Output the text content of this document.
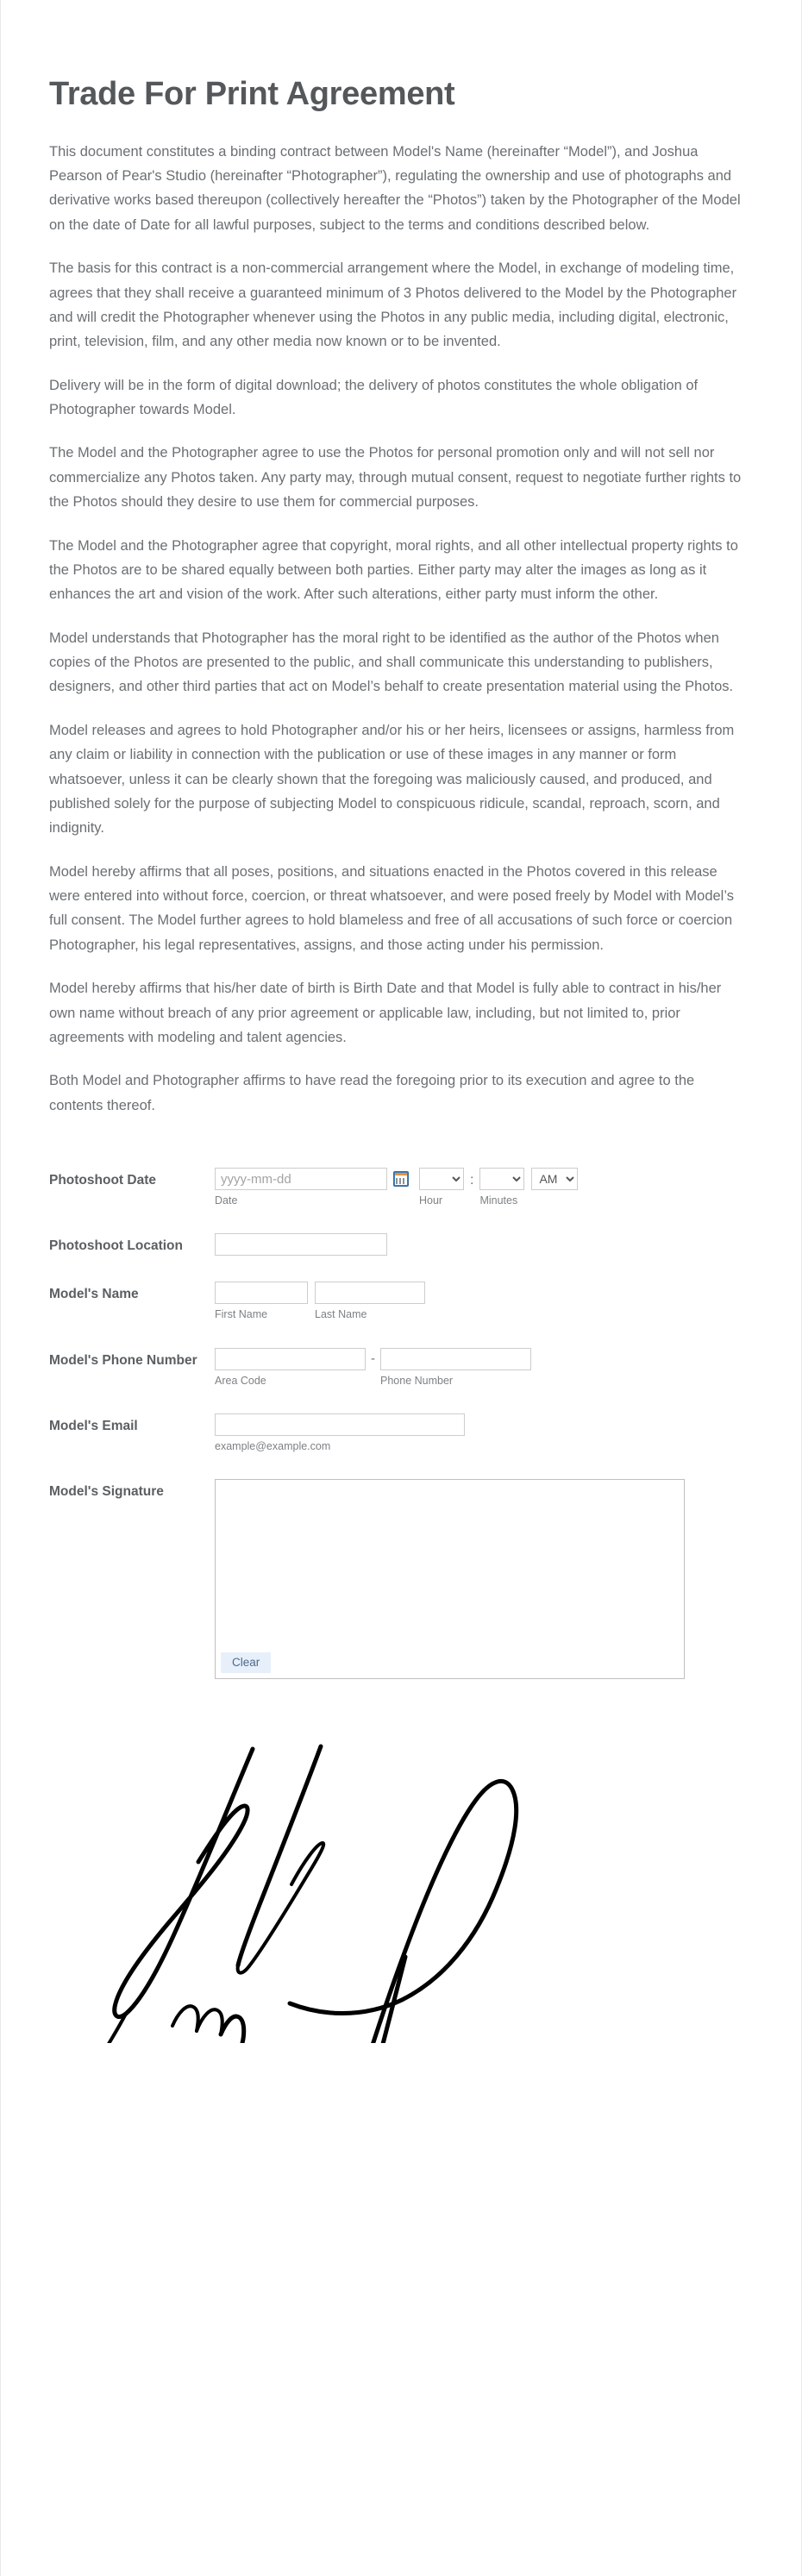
Trade For Print Agreement

This document constitutes a binding contract between Model's Name (hereinafter “Model”), and Joshua Pearson of Pear's Studio (hereinafter “Photographer”), regulating the ownership and use of photographs and derivative works based thereupon (collectively hereafter the “Photos”) taken by the Photographer of the Model on the date of Date for all lawful purposes, subject to the terms and conditions described below.

The basis for this contract is a non-commercial arrangement where the Model, in exchange of modeling time, agrees that they shall receive a guaranteed minimum of 3 Photos delivered to the Model by the Photographer and will credit the Photographer whenever using the Photos in any public media, including digital, electronic, print, television, film, and any other media now known or to be invented.

Delivery will be in the form of digital download; the delivery of photos constitutes the whole obligation of Photographer towards Model.

The Model and the Photographer agree to use the Photos for personal promotion only and will not sell nor commercialize any Photos taken. Any party may, through mutual consent, request to negotiate further rights to the Photos should they desire to use them for commercial purposes.

The Model and the Photographer agree that copyright, moral rights, and all other intellectual property rights to the Photos are to be shared equally between both parties. Either party may alter the images as long as it enhances the art and vision of the work. After such alterations, either party must inform the other.

Model understands that Photographer has the moral right to be identified as the author of the Photos when copies of the Photos are presented to the public, and shall communicate this understanding to publishers, designers, and other third parties that act on Model’s behalf to create presentation material using the Photos.

Model releases and agrees to hold Photographer and/or his or her heirs, licensees or assigns, harmless from any claim or liability in connection with the publication or use of these images in any manner or form whatsoever, unless it can be clearly shown that the foregoing was maliciously caused, and produced, and published solely for the purpose of subjecting Model to conspicuous ridicule, scandal, reproach, scorn, and indignity.

Model hereby affirms that all poses, positions, and situations enacted in the Photos covered in this release were entered into without force, coercion, or threat whatsoever, and were posed freely by Model with Model’s full consent. The Model further agrees to hold blameless and free of all accusations of such force or coercion Photographer, his legal representatives, assigns, and those acting under his permission.

Model hereby affirms that his/her date of birth is Birth Date and that Model is fully able to contract in his/her own name without breach of any prior agreement or applicable law, including, but not limited to, prior agreements with modeling and talent agencies.

Both Model and Photographer affirms to have read the foregoing prior to its execution and agree to the contents thereof.

Photoshoot Date
yyyy-mm-dd
Date	Hour
:
Minutes
AM
Photoshoot Location
Model's Name
First Name	Last Name
Model's Phone Number
Area Code
-
Phone Number
Model's Email
example@example.com
Model's Signature
Clear
